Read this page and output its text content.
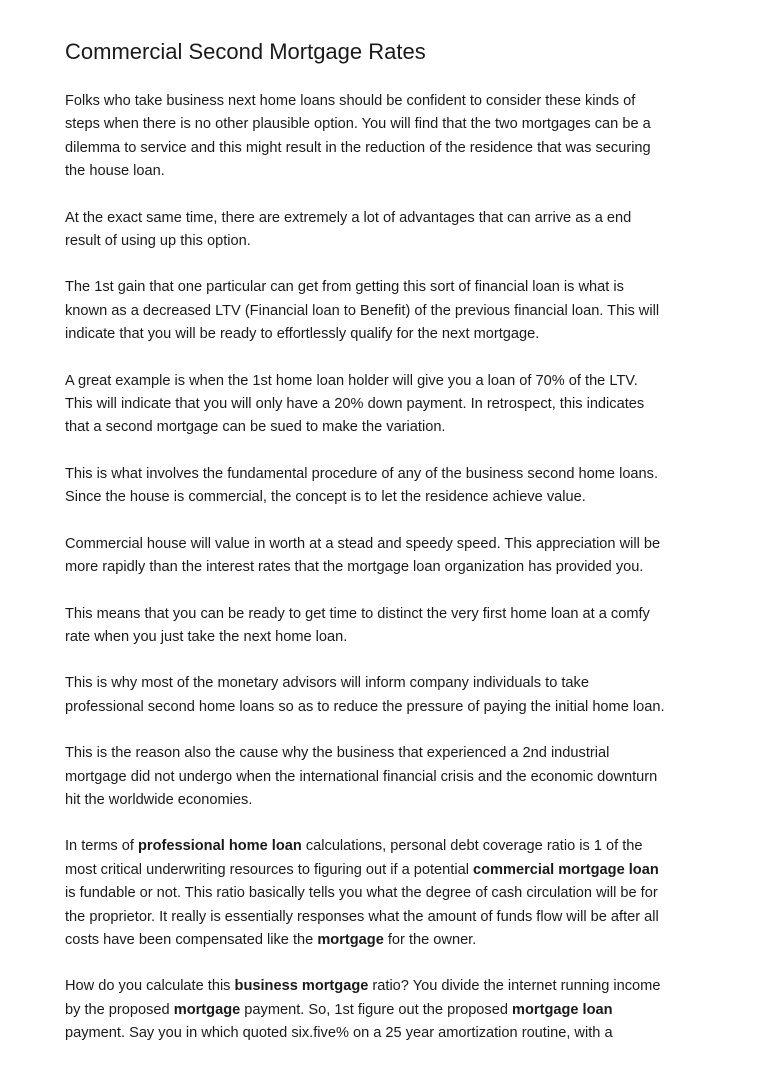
Commercial Second Mortgage Rates

Folks who take business next home loans should be confident to consider these kinds of
steps when there is no other plausible option. You will find that the two mortgages can be a
dilemma to service and this might result in the reduction of the residence that was securing
the house loan.

At the exact same time, there are extremely a lot of advantages that can arrive as a end
result of using up this option.

The 1st gain that one particular can get from getting this sort of financial loan is what is
known as a decreased LTV (Financial loan to Benefit) of the previous financial loan. This will
indicate that you will be ready to effortlessly qualify for the next mortgage.

A great example is when the 1st home loan holder will give you a loan of 70% of the LTV.
This will indicate that you will only have a 20% down payment. In retrospect, this indicates
that a second mortgage can be sued to make the variation.

This is what involves the fundamental procedure of any of the business second home loans.
Since the house is commercial, the concept is to let the residence achieve value.

Commercial house will value in worth at a stead and speedy speed. This appreciation will be
more rapidly than the interest rates that the mortgage loan organization has provided you.

This means that you can be ready to get time to distinct the very first home loan at a comfy
rate when you just take the next home loan.

This is why most of the monetary advisors will inform company individuals to take
professional second home loans so as to reduce the pressure of paying the initial home loan.

This is the reason also the cause why the business that experienced a 2nd industrial
mortgage did not undergo when the international financial crisis and the economic downturn
hit the worldwide economies.

In terms of professional home loan calculations, personal debt coverage ratio is 1 of the
most critical underwriting resources to figuring out if a potential commercial mortgage loan
is fundable or not. This ratio basically tells you what the degree of cash circulation will be for
the proprietor. It really is essentially responses what the amount of funds flow will be after all
costs have been compensated like the mortgage for the owner.

How do you calculate this business mortgage ratio? You divide the internet running income
by the proposed mortgage payment. So, 1st figure out the proposed mortgage loan
payment. Say you in which quoted six.five% on a 25 year amortization routine, with a
